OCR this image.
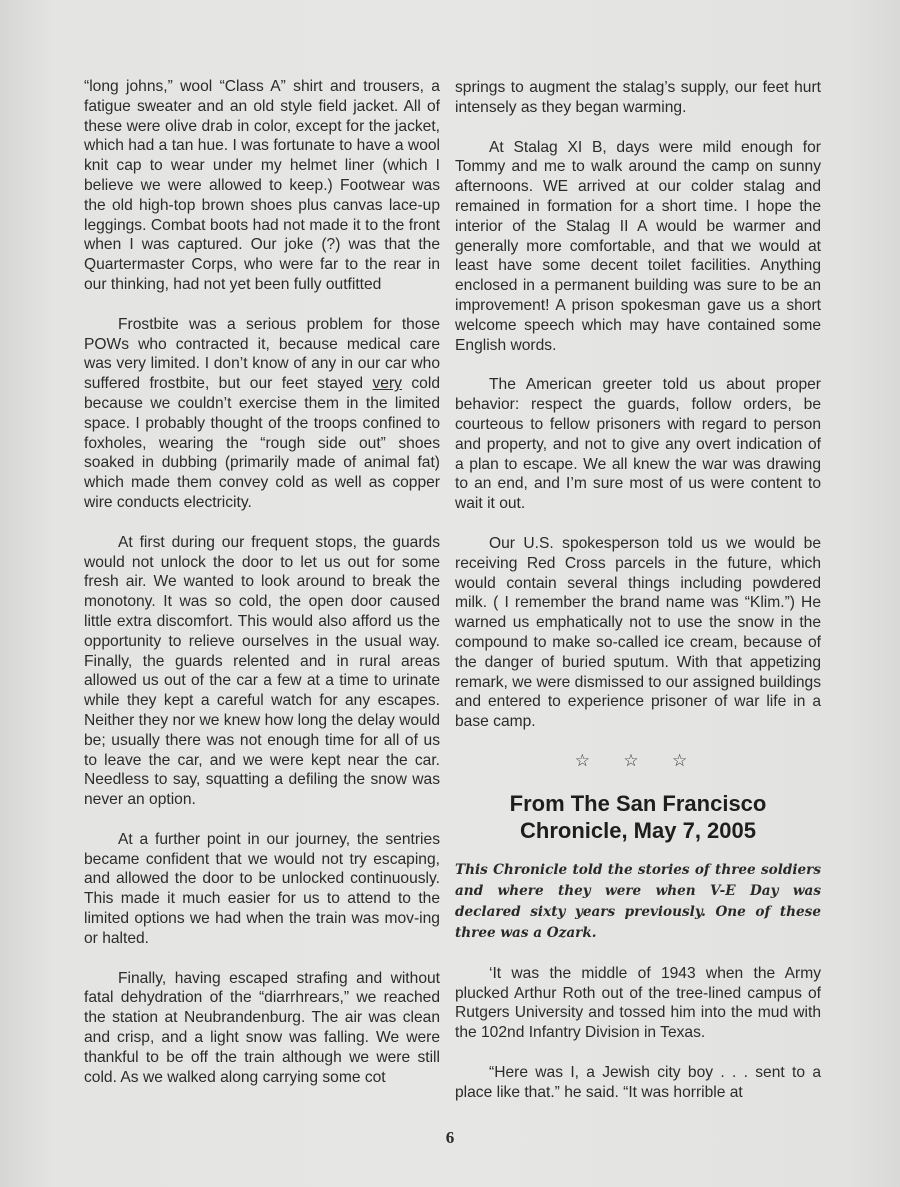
“long johns,” wool “Class A” shirt and trousers, a fatigue sweater and an old style field jacket. All of these were olive drab in color, except for the jacket, which had a tan hue. I was fortunate to have a wool knit cap to wear under my helmet liner (which I believe we were allowed to keep.) Footwear was the old high-top brown shoes plus canvas lace-up leggings. Combat boots had not made it to the front when I was captured. Our joke (?) was that the Quartermaster Corps, who were far to the rear in our thinking, had not yet been fully outfitted

Frostbite was a serious problem for those POWs who contracted it, because medical care was very limited. I don’t know of any in our car who suffered frostbite, but our feet stayed very cold because we couldn’t exercise them in the limited space. I probably thought of the troops confined to foxholes, wearing the “rough side out” shoes soaked in dubbing (primarily made of animal fat) which made them convey cold as well as copper wire conducts electricity.

At first during our frequent stops, the guards would not unlock the door to let us out for some fresh air. We wanted to look around to break the monotony. It was so cold, the open door caused little extra discomfort. This would also afford us the opportunity to relieve ourselves in the usual way. Finally, the guards relented and in rural areas allowed us out of the car a few at a time to urinate while they kept a careful watch for any escapes. Neither they nor we knew how long the delay would be; usually there was not enough time for all of us to leave the car, and we were kept near the car. Needless to say, squatting a defiling the snow was never an option.

At a further point in our journey, the sentries became confident that we would not try escaping, and allowed the door to be unlocked continuously. This made it much easier for us to attend to the limited options we had when the train was mov-ing or halted.

Finally, having escaped strafing and without fatal dehydration of the “diarrhrears,” we reached the station at Neubrandenburg. The air was clean and crisp, and a light snow was falling. We were thankful to be off the train although we were still cold. As we walked along carrying some cot

springs to augment the stalag’s supply, our feet hurt intensely as they began warming.

At Stalag XI B, days were mild enough for Tommy and me to walk around the camp on sunny afternoons. WE arrived at our colder stalag and remained in formation for a short time. I hope the interior of the Stalag II A would be warmer and generally more comfortable, and that we would at least have some decent toilet facilities. Anything enclosed in a permanent building was sure to be an improvement! A prison spokesman gave us a short welcome speech which may have contained some English words.

The American greeter told us about proper behavior: respect the guards, follow orders, be courteous to fellow prisoners with regard to person and property, and not to give any overt indication of a plan to escape. We all knew the war was drawing to an end, and I’m sure most of us were content to wait it out.

Our U.S. spokesperson told us we would be receiving Red Cross parcels in the future, which would contain several things including powdered milk. ( I remember the brand name was “Klim.”) He warned us emphatically not to use the snow in the compound to make so-called ice cream, because of the danger of buried sputum. With that appetizing remark, we were dismissed to our assigned buildings and entered to experience prisoner of war life in a base camp.

☆ ☆ ☆
From The San Francisco Chronicle, May 7, 2005

This Chronicle told the stories of three soldiers and where they were when V-E Day was declared sixty years previously. One of these three was a Ozark.

‘It was the middle of 1943 when the Army plucked Arthur Roth out of the tree-lined campus of Rutgers University and tossed him into the mud with the 102nd Infantry Division in Texas.

“Here was I, a Jewish city boy . . . sent to a place like that.” he said. “It was horrible at

6
